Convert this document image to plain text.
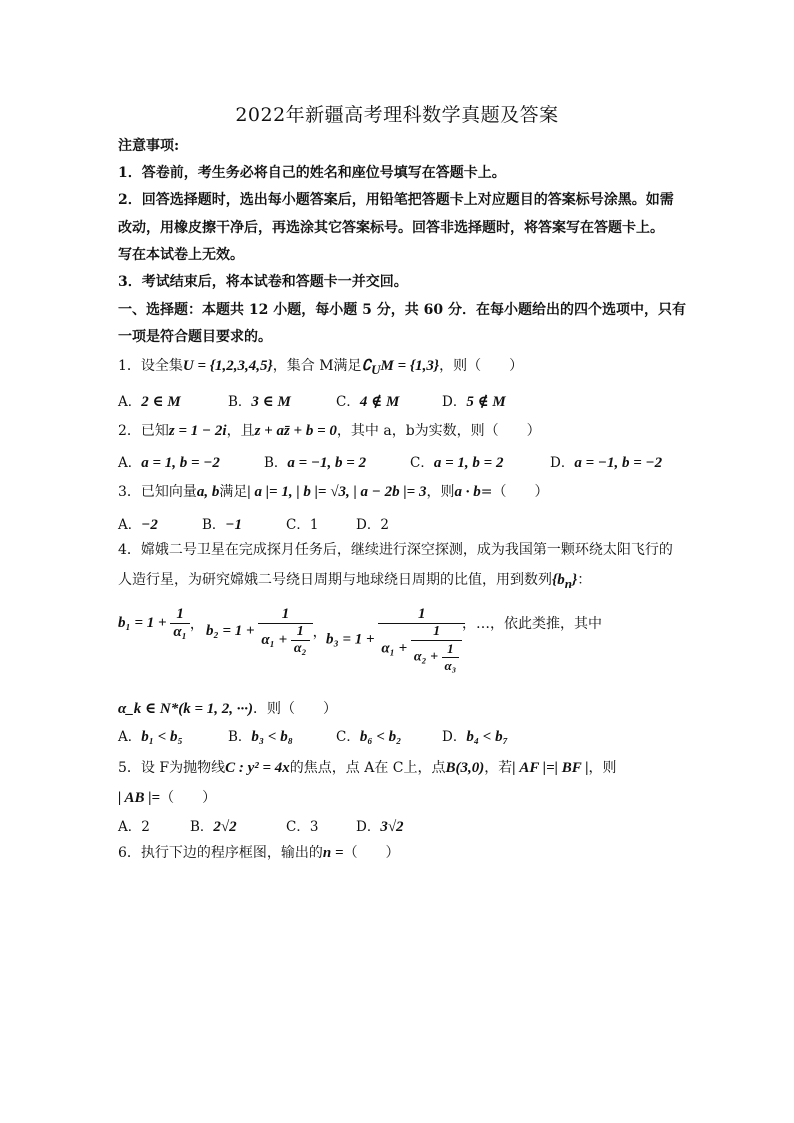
2022年新疆高考理科数学真题及答案
注意事项:
1．答卷前，考生务必将自己的姓名和座位号填写在答题卡上。
2．回答选择题时，选出每小题答案后，用铅笔把答题卡上对应题目的答案标号涂黑。如需
改动，用橡皮擦干净后，再选涂其它答案标号。回答非选择题时，将答案写在答题卡上。
写在本试卷上无效。
3．考试结束后，将本试卷和答题卡一并交回。
一、选择题：本题共 12 小题，每小题 5 分，共 60 分．在每小题给出的四个选项中，只有
一项是符合题目要求的。
1．设全集U = {1,2,3,4,5}，集合 M满足$∁_UM = \{1,3\}$，则（　　）
A．2 ∈ M	B．3 ∈ M	C．4 ∉ M	D．5 ∉ M
2．已知z = 1 − 2i，且z + az̄ + b = 0，其中 a，b为实数，则（　　）
A．a = 1, b = −2	B．a = −1, b = 2	C．a = 1, b = 2	D．a = −1, b = −2
3．已知向量a, b满足| a |= 1, | b |= √3, | a − 2b |= 3，则a · b=（　　）
A．−2	B．−1	C．1	D．2
4．嫦娥二号卫星在完成探月任务后，继续进行深空探测，成为我国第一颗环绕太阳飞行的
人造行星，为研究嫦娥二号绕日周期与地球绕日周期的比值，用到数列$\{b_n\}$：
$b_1 = 1 + \frac{1}{\text{α₁}}$ ， $b_2 = 1 + \frac{1}{\alpha_1 + \frac{1}{\text{α₂}}}$ ， b₃ = 1 +
1
α₁ +
1
$\alpha_2 + \frac{1}{\text{α₃}}$
，…，依此类推，其中
α_k ∈ N*(k = 1, 2, ···)．则（　　）
A．b₁ < b₅	B．b₃ < b₈	C．b₆ < b₂	D．b₄ < b₇
5．设 F为抛物线C : y² = 4x的焦点，点 A在 C上，点B(3,0)，若| AF |=| BF |，则
| AB |=（　　）
A．2	B．2√2	C．3	D．3√2
6．执行下边的程序框图，输出的n =（　　）
